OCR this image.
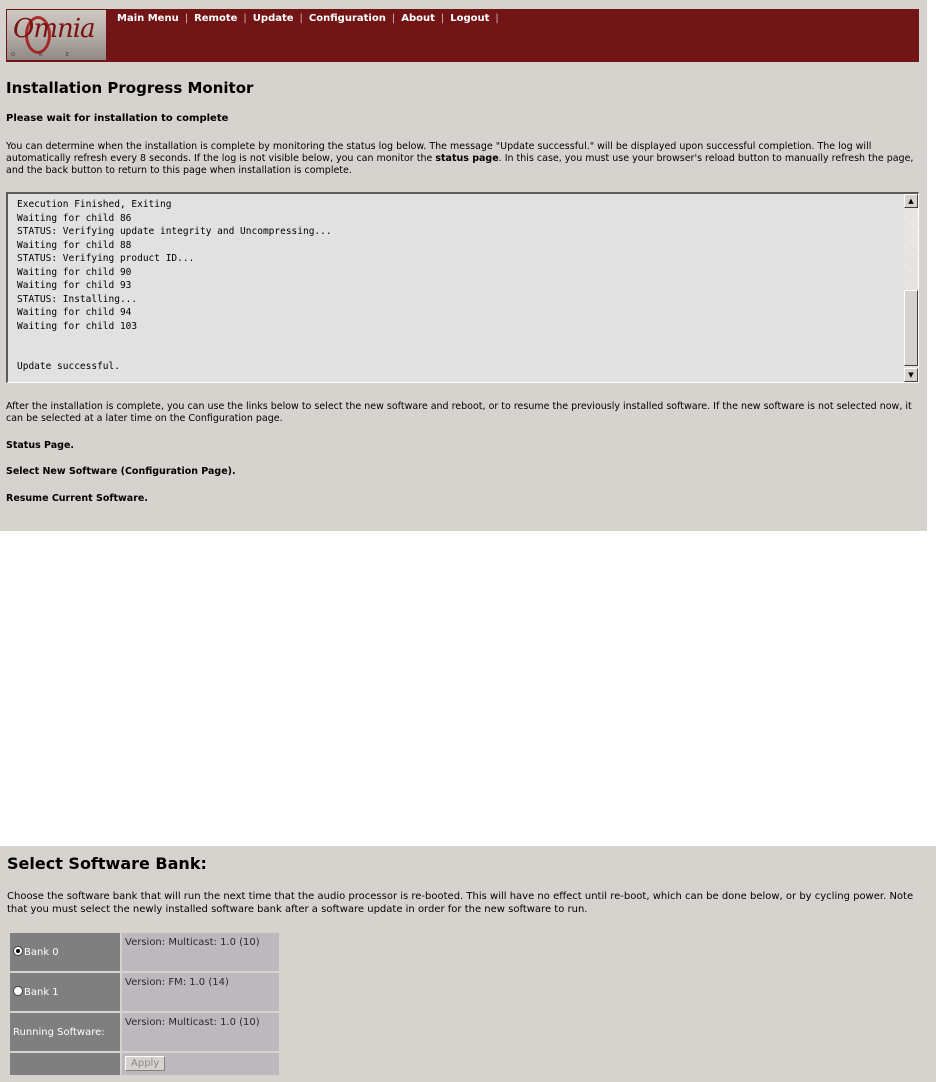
Omnia
O N E
Main Menu | Remote | Update | Configuration | About | Logout |
Installation Progress Monitor

Please wait for installation to complete

You can determine when the installation is complete by monitoring the status log below. The message "Update successful." will be displayed upon successful completion. The log will automatically refresh every 8 seconds. If the log is not visible below, you can monitor the status page. In this case, you must use your browser's reload button to manually refresh the page, and the back button to return to this page when installation is complete.

Execution Finished, Exiting
Waiting for child 86
STATUS: Verifying update integrity and Uncompressing...
Waiting for child 88
STATUS: Verifying product ID...
Waiting for child 90
Waiting for child 93
STATUS: Installing...
Waiting for child 94
Waiting for child 103

Update successful.
▲
▼

After the installation is complete, you can use the links below to select the new software and reboot, or to resume the previously installed software. If the new software is not selected now, it can be selected at a later time on the Configuration page.

Status Page.
Select New Software (Configuration Page).
Resume Current Software.
Select Software Bank:

Choose the software bank that will run the next time that the audio processor is re-booted. This will have no effect until re-boot, which can be done below, or by cycling power. Note that you must select the newly installed software bank after a software update in order for the new software to run.

Bank 0	Version: Multicast: 1.0 (10)
Bank 1	Version: FM: 1.0 (14)
Running Software:	Version: Multicast: 1.0 (10)
	Apply
